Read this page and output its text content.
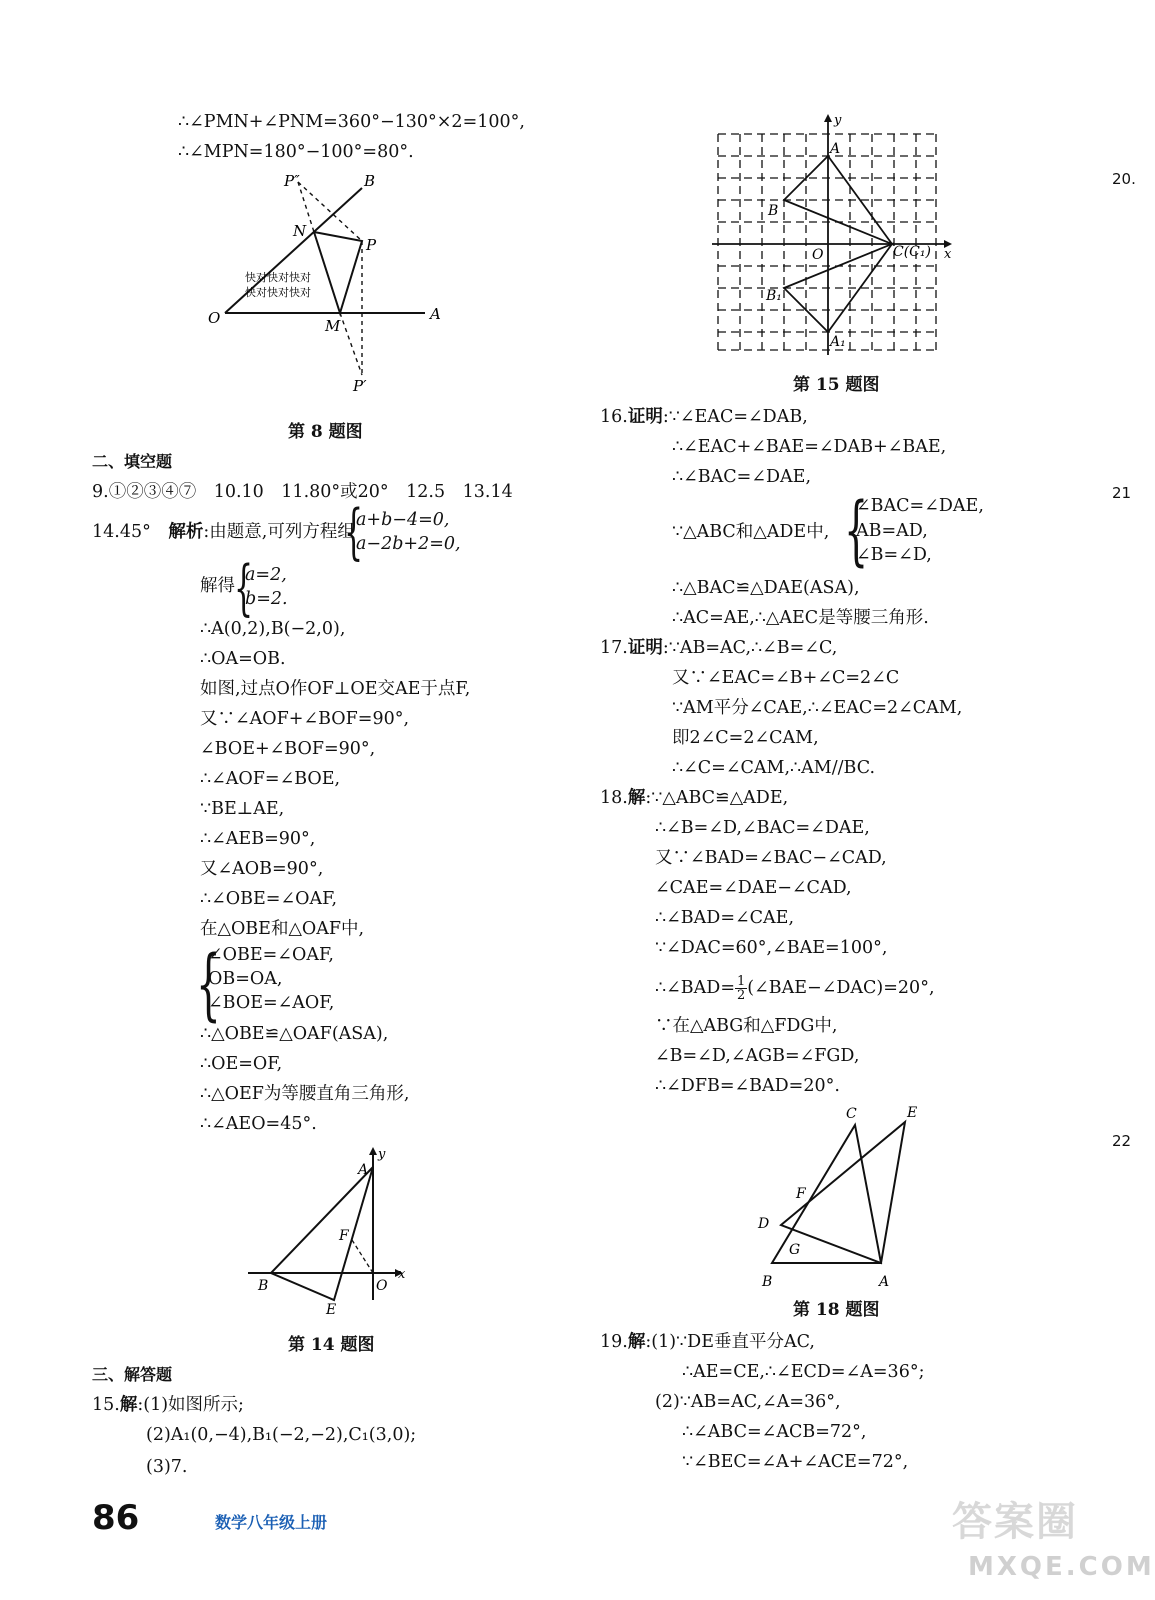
∴∠PMN+∠PNM=360°−130°×2=100°,
∴∠MPN=180°−100°=80°.
P″	B
N
P
O	M
A
P′
快对快对快对
快对快对快对
第 8 题图
二、填空题
9.①②③④⑦　10.10　11.80°或20°　12.5　13.14
14.45°　解析:由题意,可列方程组
{
a+b−4=0,
a−2b+2=0,
解得 {
a=2,
b=2.
∴A(0,2),B(−2,0),
∴OA=OB.
如图,过点O作OF⊥OE交AE于点F,
又∵∠AOF+∠BOF=90°,
∠BOE+∠BOF=90°,
∴∠AOF=∠BOE,
∵BE⊥AE,
∴∠AEB=90°,
又∠AOB=90°,
∴∠OBE=∠OAF,
在△OBE和△OAF中,
{
∠OBE=∠OAF,
OB=OA,
∠BOE=∠AOF,
∴△OBE≌△OAF(ASA),
∴OE=OF,
∴△OEF为等腰直角三角形,
∴∠AEO=45°.
A
y
F
x
B	O
E
第 14 题图
三、解答题
15.解:(1)如图所示;
(2)A₁(0,−4),B₁(−2,−2),C₁(3,0);
(3)7.
y
A
B
O	C(C₁) x
B₁
A₁
第 15 题图
16.证明:∵∠EAC=∠DAB,
∴∠EAC+∠BAE=∠DAB+∠BAE,
∴∠BAC=∠DAE,
∵△ABC和△ADE中, {
∠BAC=∠DAE,
AB=AD,
∠B=∠D,
∴△BAC≌△DAE(ASA),
∴AC=AE,∴△AEC是等腰三角形.
17.证明:∵AB=AC,∴∠B=∠C,
又∵∠EAC=∠B+∠C=2∠C
∵AM平分∠CAE,∴∠EAC=2∠CAM,
即2∠C=2∠CAM,
∴∠C=∠CAM,∴AM//BC.
18.解:∵△ABC≌△ADE,
∴∠B=∠D,∠BAC=∠DAE,
又∵∠BAD=∠BAC−∠CAD,
∠CAE=∠DAE−∠CAD,
∴∠BAD=∠CAE,
∵∠DAC=60°,∠BAE=100°,
∴∠BAD= $\frac{1}{2}$ (∠BAE−∠DAC)=20°,
∵在△ABG和△FDG中,
∠B=∠D,∠AGB=∠FGD,
∴∠DFB=∠BAD=20°.
C	E
F
D
G
B	A
第 18 题图
19.解:(1)∵DE垂直平分AC,
∴AE=CE,∴∠ECD=∠A=36°;
(2)∵AB=AC,∠A=36°,
∴∠ABC=∠ACB=72°,
∵∠BEC=∠A+∠ACE=72°,
20.
21
22
86	数学八年级上册	答案圈
MXQE.COM
